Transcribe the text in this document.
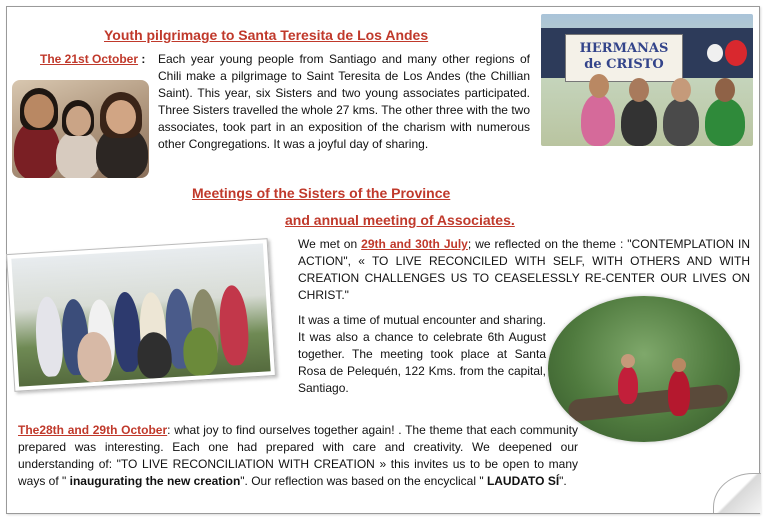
Youth pilgrimage to Santa Teresita de Los Andes
The 21st October :	Each year young people from Santiago and many other regions of Chili make a pilgrimage to Saint Teresita de Los Andes (the Chillian Saint). This year, six Sisters and two young associates participated. Three Sisters travelled the whole 27 kms. The other three with the two associates, took part in an exposition of the charism with numerous other Congregations. It was a joyful day of sharing.
HERMANAS
de CRISTO
Meetings of the Sisters of the Province
and annual meeting of Associates.
We met on 29th and 30th July; we reflected on the theme : "CONTEMPLATION IN ACTION", « TO LIVE RECONCILED WITH SELF, WITH OTHERS AND WITH CREATION CHALLENGES US TO CEASELESSLY RE-CENTER OUR LIVES ON CHRIST."
It was a time of mutual encounter and sharing. It was also a chance to celebrate 6th August together. The meeting took place at Santa Rosa de Pelequén, 122 Kms. from the capital, Santiago.
The28th and 29th October: what joy to find ourselves together again! . The theme that each community prepared was interesting. Each one had prepared with care and creativity. We deepened our understanding of: "TO LIVE RECONCILIATION WITH CREATION » this invites us to be open to many ways of " inaugurating the new creation". Our reflection was based on the encyclical " LAUDATO SÍ".
